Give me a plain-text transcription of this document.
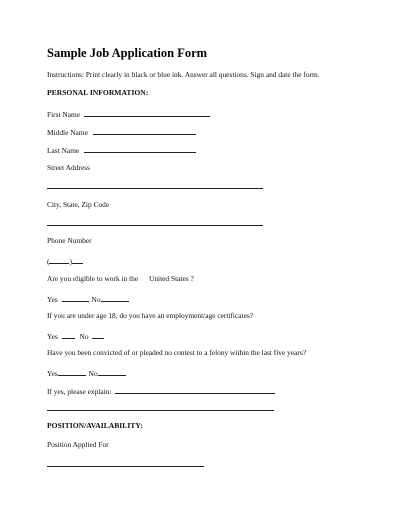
Sample Job Application Form
Instructions: Print clearly in black or blue ink. Answer all questions. Sign and date the form.
PERSONAL INFORMATION:
First Name
Middle Name
Last Name
Street Address
City, State, Zip Code
Phone Number
(	)
Are you eligible to work in the United States ?
Yes	No
If you are under age 18, do you have an employment/age certificates?
Yes	No
Have you been convicted of or pleaded no contest to a felony within the last five years?
Yes	No
If yes, please explain:
POSITION/AVAILABILITY:
Position Applied For
